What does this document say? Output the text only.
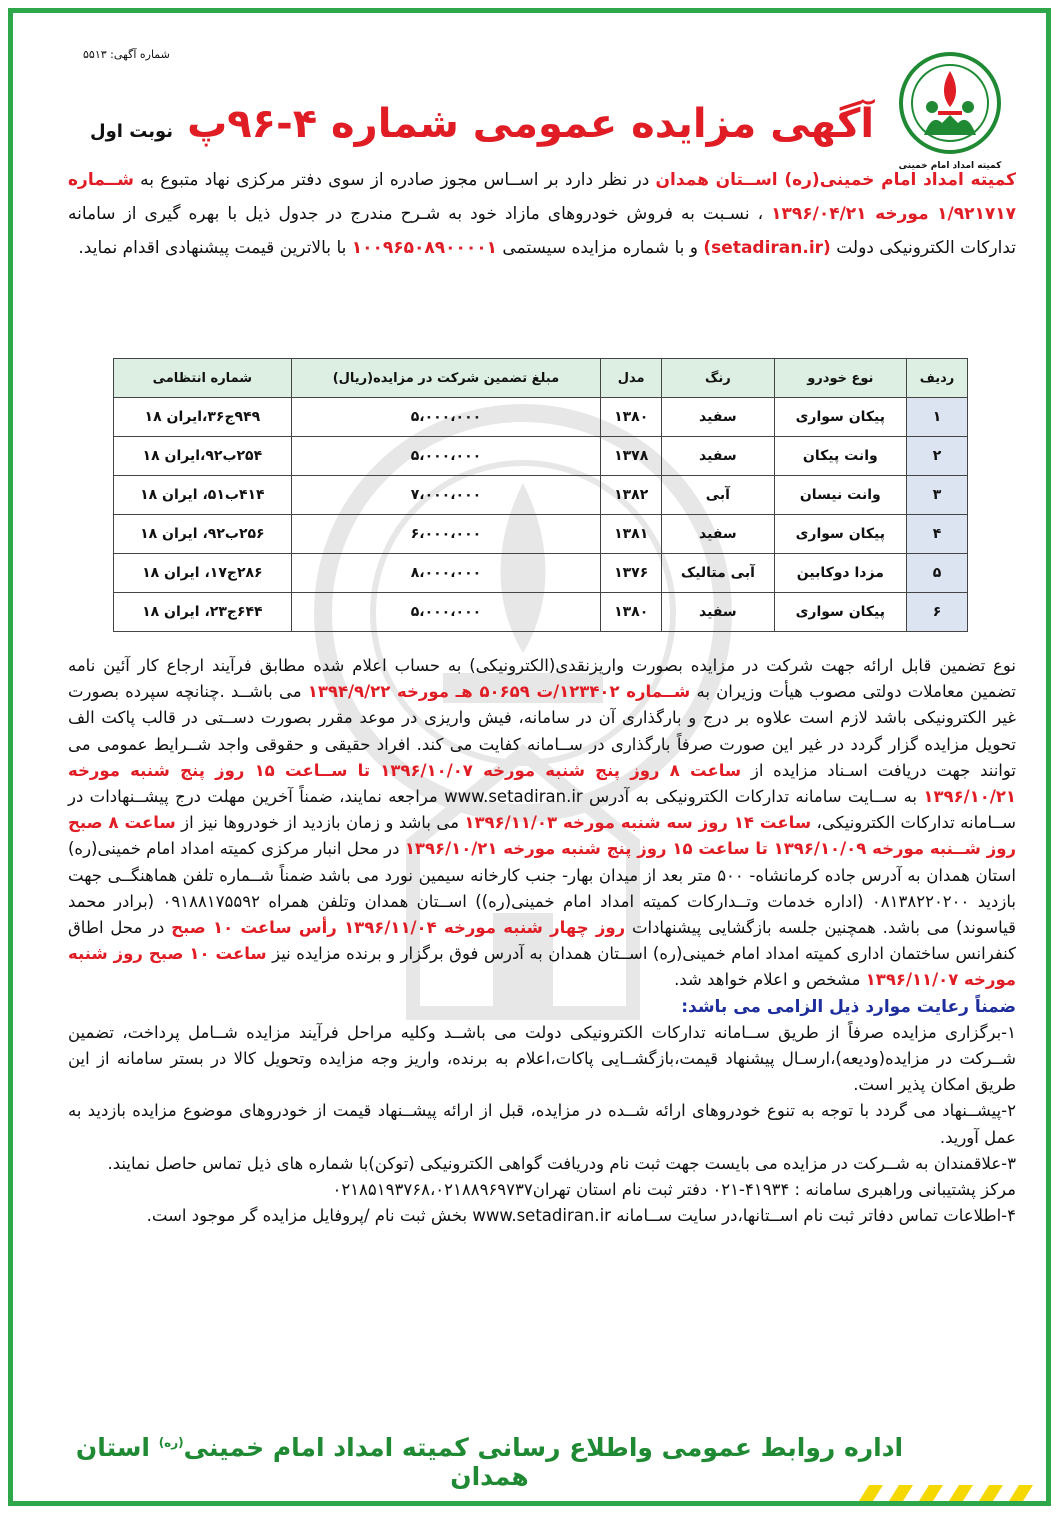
شماره آگهی: ۵۵۱۳
کمیته امداد امام خمینی
آگهی مزایده عمومی شماره ۴-۹۶پ
نوبت اول
کمیته امداد امام خمینی(ره) اســتان همدان در نظر دارد بر اســاس مجوز صادره از سوی دفتر مرکزی نهاد متبوع به شــماره ۱/۹۲۱۷۱۷ مورخه ۱۳۹۶/۰۴/۲۱ ، نسـبت به فروش خودروهای مازاد خود به شـرح مندرج در جدول ذیل با بهره گیری از سامانه تدارکات الکترونیکی دولت (setadiran.ir) و با شماره مزایده سیستمی ۱۰۰۹۶۵۰۸۹۰۰۰۰۱ با بالاترین قیمت پیشنهادی اقدام نماید.
ردیف	نوع خودرو	رنگ	مدل	مبلغ تضمین شرکت در مزایده(ریال)	شماره انتظامی
۱	پیکان سواری	سفید	۱۳۸۰	۵،۰۰۰،۰۰۰	۹۴۹ج۳۶،ایران ۱۸
۲	وانت پیکان	سفید	۱۳۷۸	۵،۰۰۰،۰۰۰	۲۵۴ب۹۲،ایران ۱۸
۳	وانت نیسان	آبی	۱۳۸۲	۷،۰۰۰،۰۰۰	۴۱۴ب۵۱، ایران ۱۸
۴	پیکان سواری	سفید	۱۳۸۱	۶،۰۰۰،۰۰۰	۲۵۶ب۹۲، ایران ۱۸
۵	مزدا دوکابین	آبی متالیک	۱۳۷۶	۸،۰۰۰،۰۰۰	۲۸۶ج۱۷، ایران ۱۸
۶	پیکان سواری	سفید	۱۳۸۰	۵،۰۰۰،۰۰۰	۶۴۴ج۲۳، ایران ۱۸

نوع تضمین قابل ارائه جهت شرکت در مزایده بصورت واریزنقدی(الکترونیکی) به حساب اعلام شده مطابق فرآیند ارجاع کار آئین نامه تضمین معاملات دولتی مصوب هیأت وزیران به شــماره ۱۲۳۴۰۲/ت ۵۰۶۵۹ هـ مورخه ۱۳۹۴/۹/۲۲ می باشــد .چنانچه سپرده بصورت غیر الکترونیکی باشد لازم است علاوه بر درج و بارگذاری آن در سامانه، فیش واریزی در موعد مقرر بصورت دســتی در قالب پاکت الف تحویل مزایده گزار گردد در غیر این صورت صرفاً بارگذاری در ســامانه کفایت می کند. افراد حقیقی و حقوقی واجد شــرایط عمومی می توانند جهت دریافت اسـناد مزایده از ساعت ۸ روز پنج شنبه مورخه ۱۳۹۶/۱۰/۰۷ تا ســاعت ۱۵ روز پنج شنبه مورخه ۱۳۹۶/۱۰/۲۱ به ســایت سامانه تدارکات الکترونیکی به آدرس www.setadiran.ir مراجعه نمایند، ضمناً آخرین مهلت درج پیشــنهادات در ســامانه تدارکات الکترونیکی، ساعت ۱۴ روز سه شنبه مورخه ۱۳۹۶/۱۱/۰۳ می باشد و زمان بازدید از خودروها نیز از ساعت ۸ صبح روز شــنبه مورخه ۱۳۹۶/۱۰/۰۹ تا ساعت ۱۵ روز پنج شنبه مورخه ۱۳۹۶/۱۰/۲۱ در محل انبار مرکزی کمیته امداد امام خمینی(ره) استان همدان به آدرس جاده کرمانشاه- ۵۰۰ متر بعد از میدان بهار- جنب کارخانه سیمین نورد می باشد ضمناً شــماره تلفن هماهنگــی جهت بازدید ۰۸۱۳۸۲۲۰۲۰۰ (اداره خدمات وتــدارکات کمیته امداد امام خمینی(ره)) اســتان همدان وتلفن همراه ۰۹۱۸۸۱۷۵۵۹۲ (برادر محمد قیاسوند) می باشد. همچنین جلسه بازگشایی پیشنهادات روز چهار شنبه مورخه ۱۳۹۶/۱۱/۰۴ رأس ساعت ۱۰ صبح در محل اطاق کنفرانس ساختمان اداری کمیته امداد امام خمینی(ره) اســتان همدان به آدرس فوق برگزار و برنده مزایده نیز ساعت ۱۰ صبح روز شنبه مورخه ۱۳۹۶/۱۱/۰۷ مشخص و اعلام خواهد شد.

ضمناً رعایت موارد ذیل الزامی می باشد:

۱-برگزاری مزایده صرفاً از طریق ســامانه تدارکات الکترونیکی دولت می باشــد وکلیه مراحل فرآیند مزایده شــامل پرداخت، تضمین شــرکت در مزایده(ودیعه)،ارسـال پیشنهاد قیمت،بازگشــایی پاکات،اعلام به برنده، واریز وجه مزایده وتحویل کالا در بستر سامانه از این طریق امکان پذیر است.

۲-پیشــنهاد می گردد با توجه به تنوع خودروهای ارائه شــده در مزایده، قبل از ارائه پیشــنهاد قیمت از خودروهای موضوع مزایده بازدید به عمل آورید.

۳-علاقمندان به شــرکت در مزایده می بایست جهت ثبت نام ودریافت گواهی الکترونیکی (توکن)با شماره های ذیل تماس حاصل نمایند.

مرکز پشتیبانی وراهبری سامانه : ۴۱۹۳۴-۰۲۱ دفتر ثبت نام استان تهران۰۲۱۸۵۱۹۳۷۶۸،۰۲۱۸۸۹۶۹۷۳۷

۴-اطلاعات تماس دفاتر ثبت نام اســتانها،در سایت ســامانه www.setadiran.ir بخش ثبت نام /پروفایل مزایده گر موجود است.

اداره روابط عمومی واطلاع رسانی کمیته امداد امام خمینی$^{(ره)}$ استان همدان
